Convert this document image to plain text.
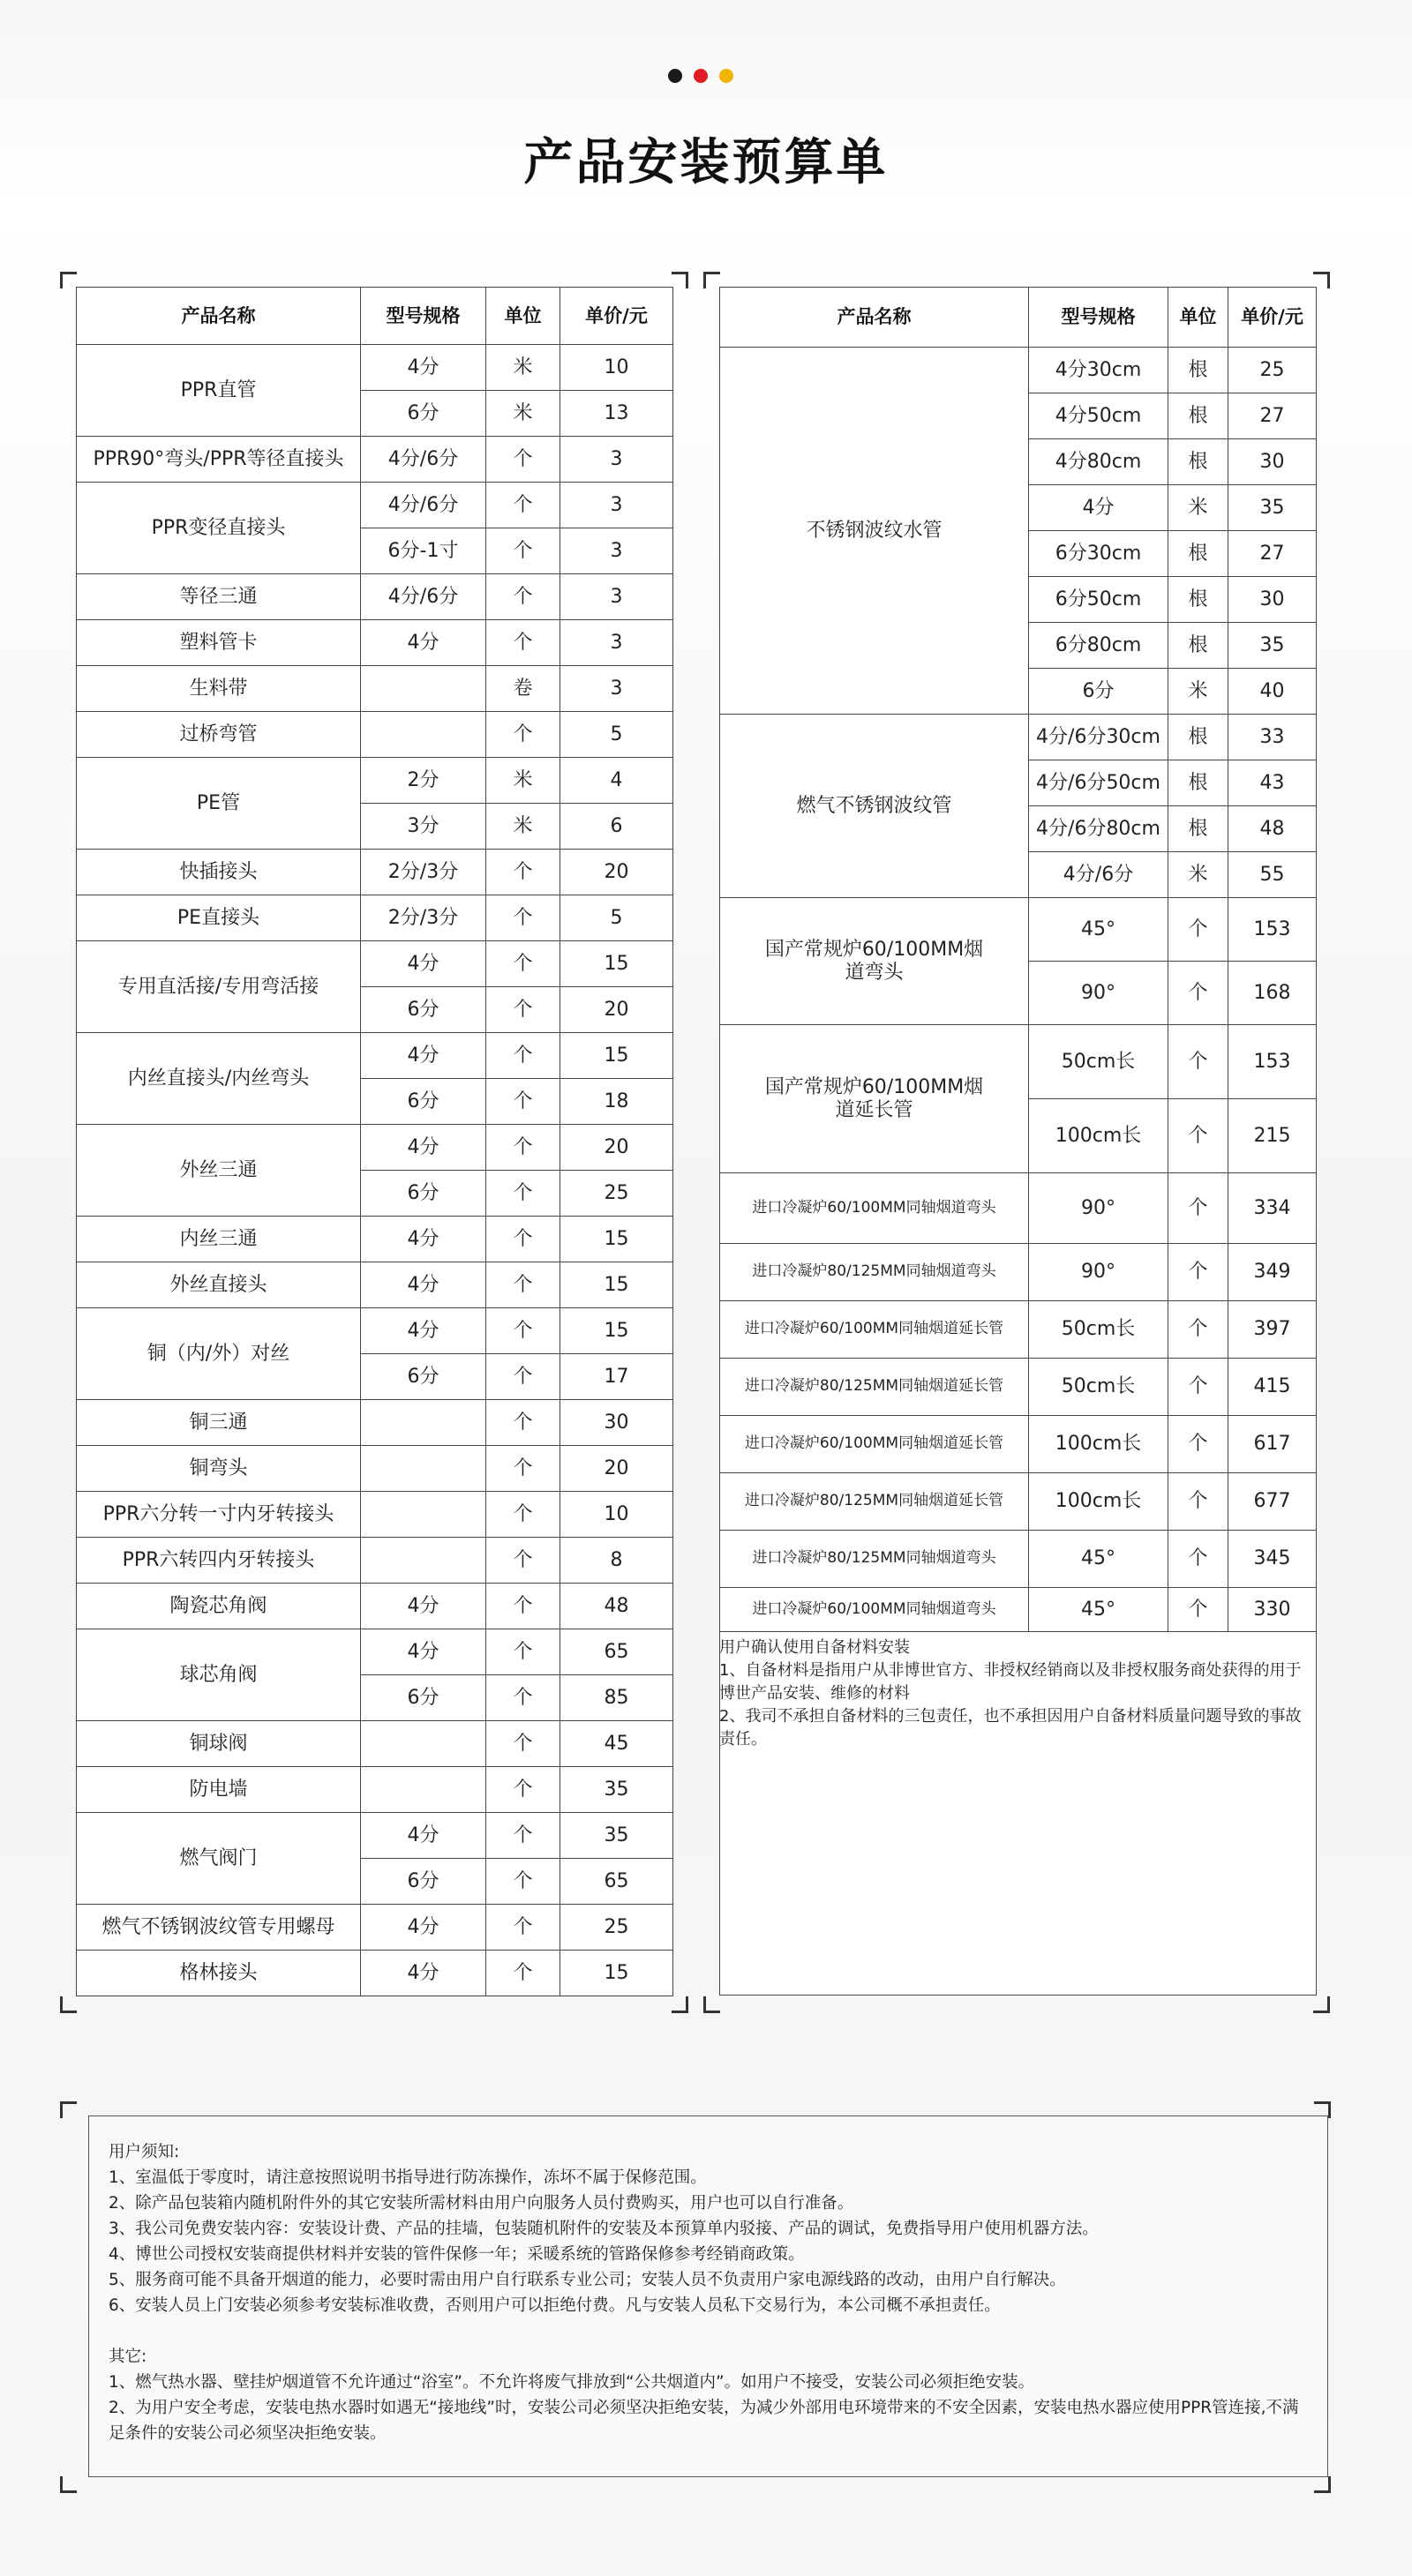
产品安装预算单
产品名称	型号规格	单位	单价/元
PPR直管	4分	米	10
	6分	米	13
PPR90°弯头/PPR等径直接头	4分/6分	个	3
PPR变径直接头	4分/6分	个	3
	6分-1寸	个	3
等径三通	4分/6分	个	3
塑料管卡	4分	个	3
生料带		卷	3
过桥弯管		个	5
PE管	2分	米	4
	3分	米	6
快插接头	2分/3分	个	20
PE直接头	2分/3分	个	5
专用直活接/专用弯活接	4分	个	15
	6分	个	20
内丝直接头/内丝弯头	4分	个	15
	6分	个	18
外丝三通	4分	个	20
	6分	个	25
内丝三通	4分	个	15
外丝直接头	4分	个	15
铜（内/外）对丝	4分	个	15
	6分	个	17
铜三通		个	30
铜弯头		个	20
PPR六分转一寸内牙转接头		个	10
PPR六转四内牙转接头		个	8
陶瓷芯角阀	4分	个	48
球芯角阀	4分	个	65
	6分	个	85
铜球阀		个	45
防电墙		个	35
燃气阀门	4分	个	35
	6分	个	65
燃气不锈钢波纹管专用螺母	4分	个	25
格林接头	4分	个	15
产品名称	型号规格	单位	单价/元
不锈钢波纹水管	4分30cm	根	25
	4分50cm	根	27
	4分80cm	根	30
	4分	米	35
	6分30cm	根	27
	6分50cm	根	30
	6分80cm	根	35
	6分	米	40
燃气不锈钢波纹管	4分/6分30cm	根	33
	4分/6分50cm	根	43
	4分/6分80cm	根	48
	4分/6分	米	55
国产常规炉60/100MM烟道弯头	45°	个	153
	90°	个	168
国产常规炉60/100MM烟道延长管	50cm长	个	153
	100cm长	个	215
进口冷凝炉60/100MM同轴烟道弯头	90°	个	334
进口冷凝炉80/125MM同轴烟道弯头	90°	个	349
进口冷凝炉60/100MM同轴烟道延长管	50cm长	个	397
进口冷凝炉80/125MM同轴烟道延长管	50cm长	个	415
进口冷凝炉60/100MM同轴烟道延长管	100cm长	个	617
进口冷凝炉80/125MM同轴烟道延长管	100cm长	个	677
进口冷凝炉80/125MM同轴烟道弯头	45°	个	345
进口冷凝炉60/100MM同轴烟道弯头	45°	个	330

用户确认使用自备材料安装

1、自备材料是指用户从非博世官方、非授权经销商以及非授权服务商处获得的用于博世产品安装、维修的材料

2、我司不承担自备材料的三包责任，也不承担因用户自备材料质量问题导致的事故责任。

用户须知:

1、室温低于零度时，请注意按照说明书指导进行防冻操作，冻坏不属于保修范围。

2、除产品包装箱内随机附件外的其它安装所需材料由用户向服务人员付费购买，用户也可以自行准备。

3、我公司免费安装内容：安装设计费、产品的挂墙，包装随机附件的安装及本预算单内驳接、产品的调试，免费指导用户使用机器方法。

4、博世公司授权安装商提供材料并安装的管件保修一年；采暖系统的管路保修参考经销商政策。

5、服务商可能不具备开烟道的能力，必要时需由用户自行联系专业公司；安装人员不负责用户家电源线路的改动，由用户自行解决。

6、安装人员上门安装必须参考安装标准收费，否则用户可以拒绝付费。凡与安装人员私下交易行为，本公司概不承担责任。

其它:

1、燃气热水器、壁挂炉烟道管不允许通过“浴室”。不允许将废气排放到“公共烟道内”。如用户不接受，安装公司必须拒绝安装。

2、为用户安全考虑，安装电热水器时如遇无“接地线”时，安装公司必须坚决拒绝安装，为减少外部用电环境带来的不安全因素，安装电热水器应使用PPR管连接,不满足条件的安装公司必须坚决拒绝安装。
